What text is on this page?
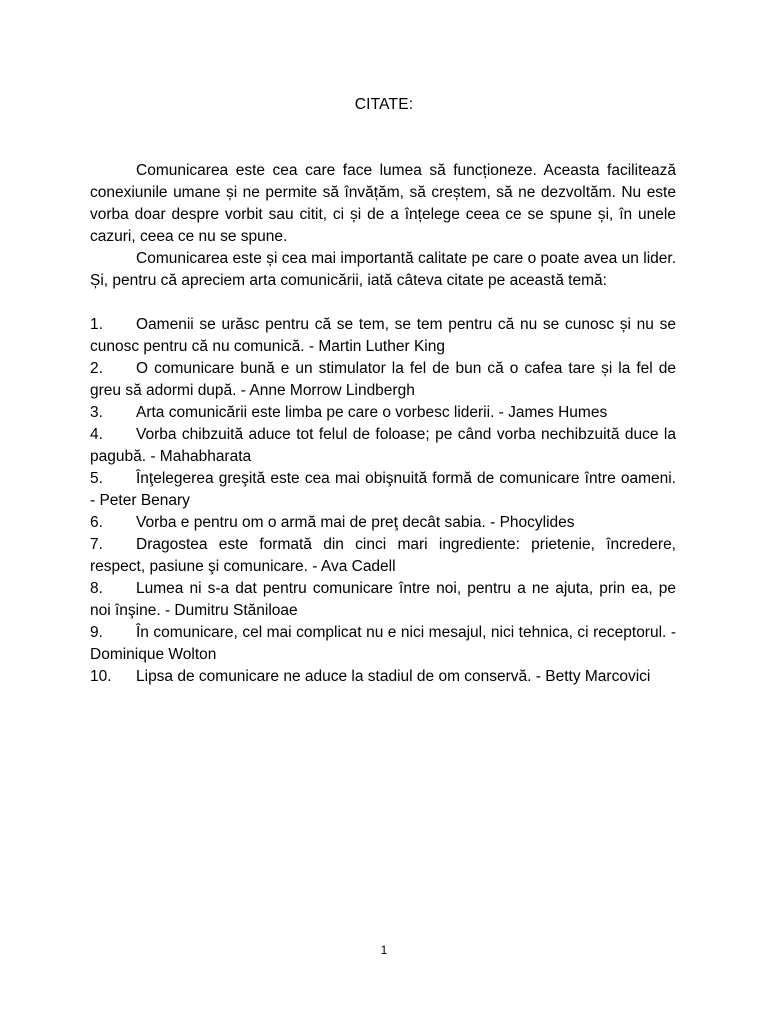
CITATE:

Comunicarea este cea care face lumea să funcționeze. Aceasta facilitează conexiunile umane și ne permite să învățăm, să creștem, să ne dezvoltăm. Nu este vorba doar despre vorbit sau citit, ci și de a înțelege ceea ce se spune și, în unele cazuri, ceea ce nu se spune.

Comunicarea este și cea mai importantă calitate pe care o poate avea un lider. Și, pentru că apreciem arta comunicării, iată câteva citate pe această temă:

1. Oamenii se urăsc pentru că se tem, se tem pentru că nu se cunosc și nu se cunosc pentru că nu comunică. - Martin Luther King
2. O comunicare bună e un stimulator la fel de bun că o cafea tare și la fel de greu să adormi după. - Anne Morrow Lindbergh
3. Arta comunicării este limba pe care o vorbesc liderii. - James Humes
4. Vorba chibzuită aduce tot felul de foloase; pe când vorba nechibzuită duce la pagubă. - Mahabharata
5. Înţelegerea greşită este cea mai obişnuită formă de comunicare între oameni. - Peter Benary
6. Vorba e pentru om o armă mai de preţ decât sabia. - Phocylides
7. Dragostea este formată din cinci mari ingrediente: prietenie, încredere, respect, pasiune şi comunicare. - Ava Cadell
8. Lumea ni s-a dat pentru comunicare între noi, pentru a ne ajuta, prin ea, pe noi înşine. - Dumitru Stăniloae
9. În comunicare, cel mai complicat nu e nici mesajul, nici tehnica, ci receptorul. - Dominique Wolton
10. Lipsa de comunicare ne aduce la stadiul de om conservă. - Betty Marcovici
1
